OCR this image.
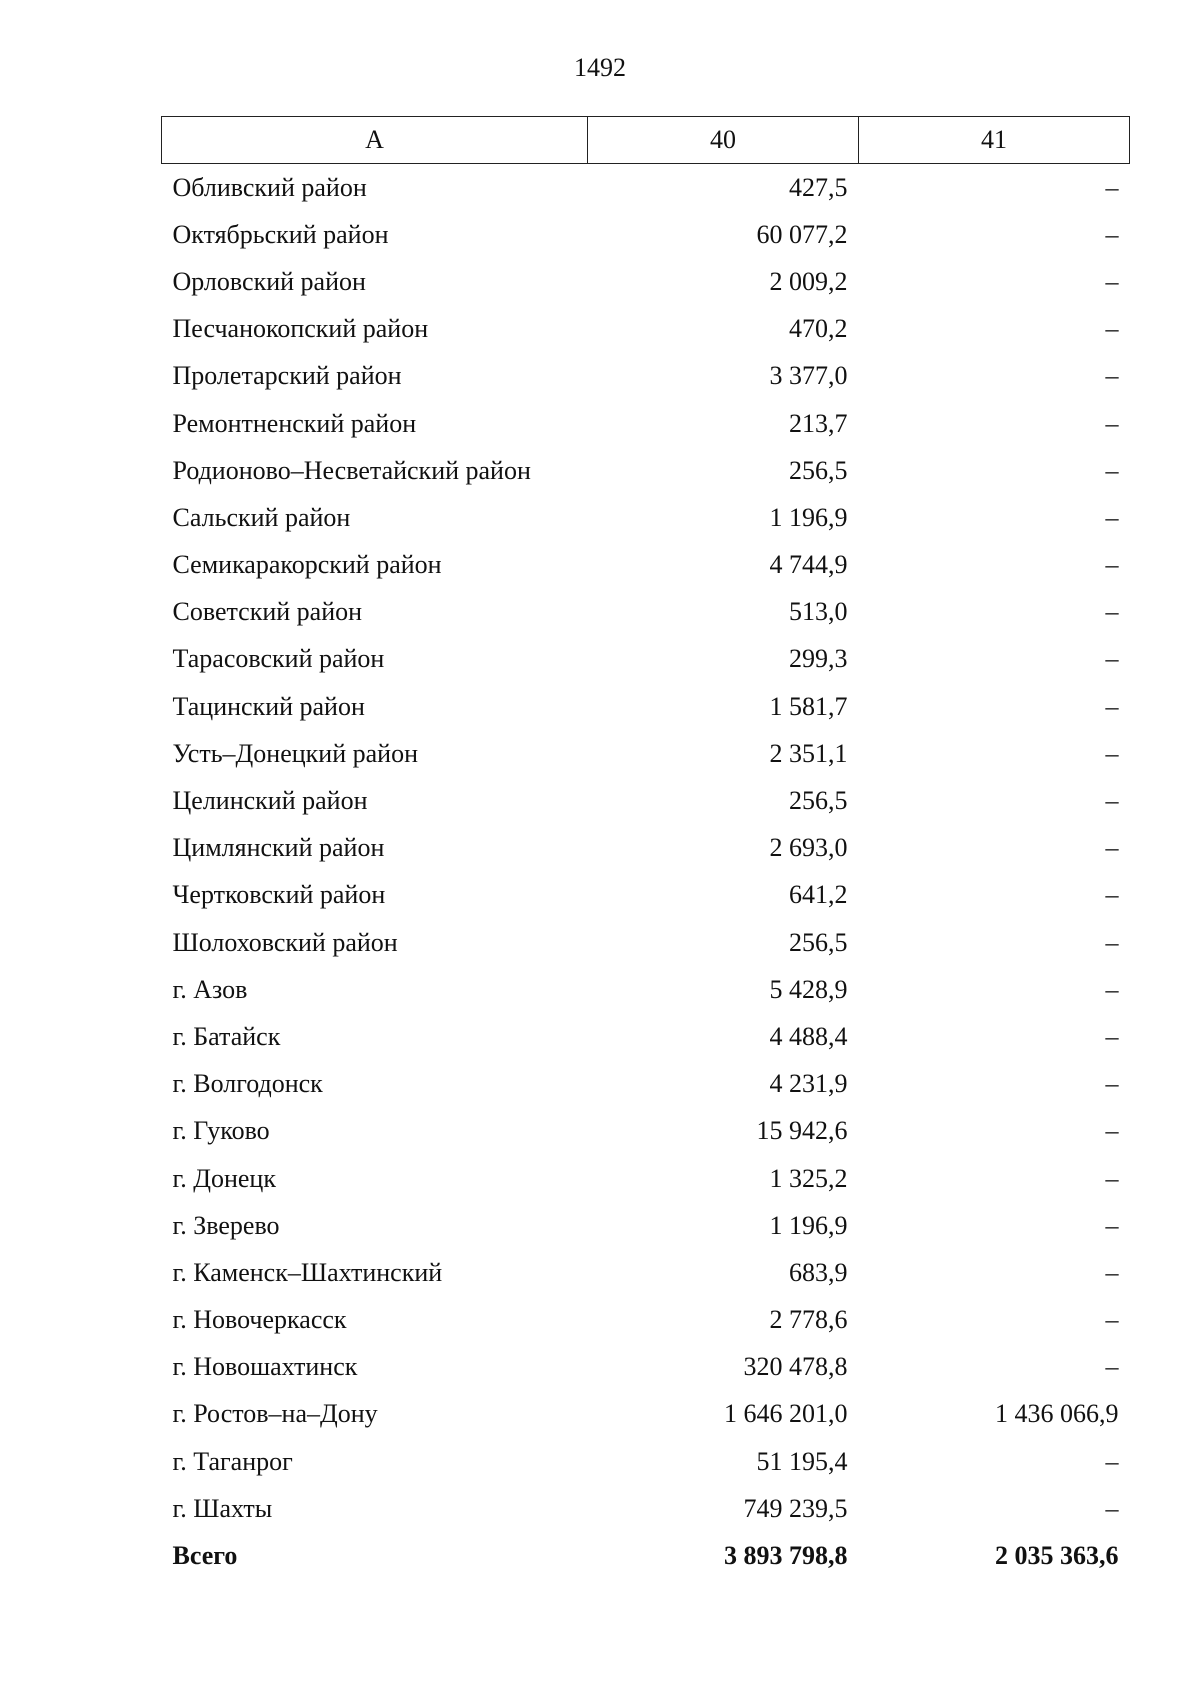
1492
А	40	41
Обливский район	427,5	–
Октябрьский район	60 077,2	–
Орловский район	2 009,2	–
Песчанокопский район	470,2	–
Пролетарский район	3 377,0	–
Ремонтненский район	213,7	–
Родионово–Несветайский район	256,5	–
Сальский район	1 196,9	–
Семикаракорский район	4 744,9	–
Советский район	513,0	–
Тарасовский район	299,3	–
Тацинский район	1 581,7	–
Усть–Донецкий район	2 351,1	–
Целинский район	256,5	–
Цимлянский район	2 693,0	–
Чертковский район	641,2	–
Шолоховский район	256,5	–
г. Азов	5 428,9	–
г. Батайск	4 488,4	–
г. Волгодонск	4 231,9	–
г. Гуково	15 942,6	–
г. Донецк	1 325,2	–
г. Зверево	1 196,9	–
г. Каменск–Шахтинский	683,9	–
г. Новочеркасск	2 778,6	–
г. Новошахтинск	320 478,8	–
г. Ростов–на–Дону	1 646 201,0	1 436 066,9
г. Таганрог	51 195,4	–
г. Шахты	749 239,5	–
Всего	3 893 798,8	2 035 363,6
